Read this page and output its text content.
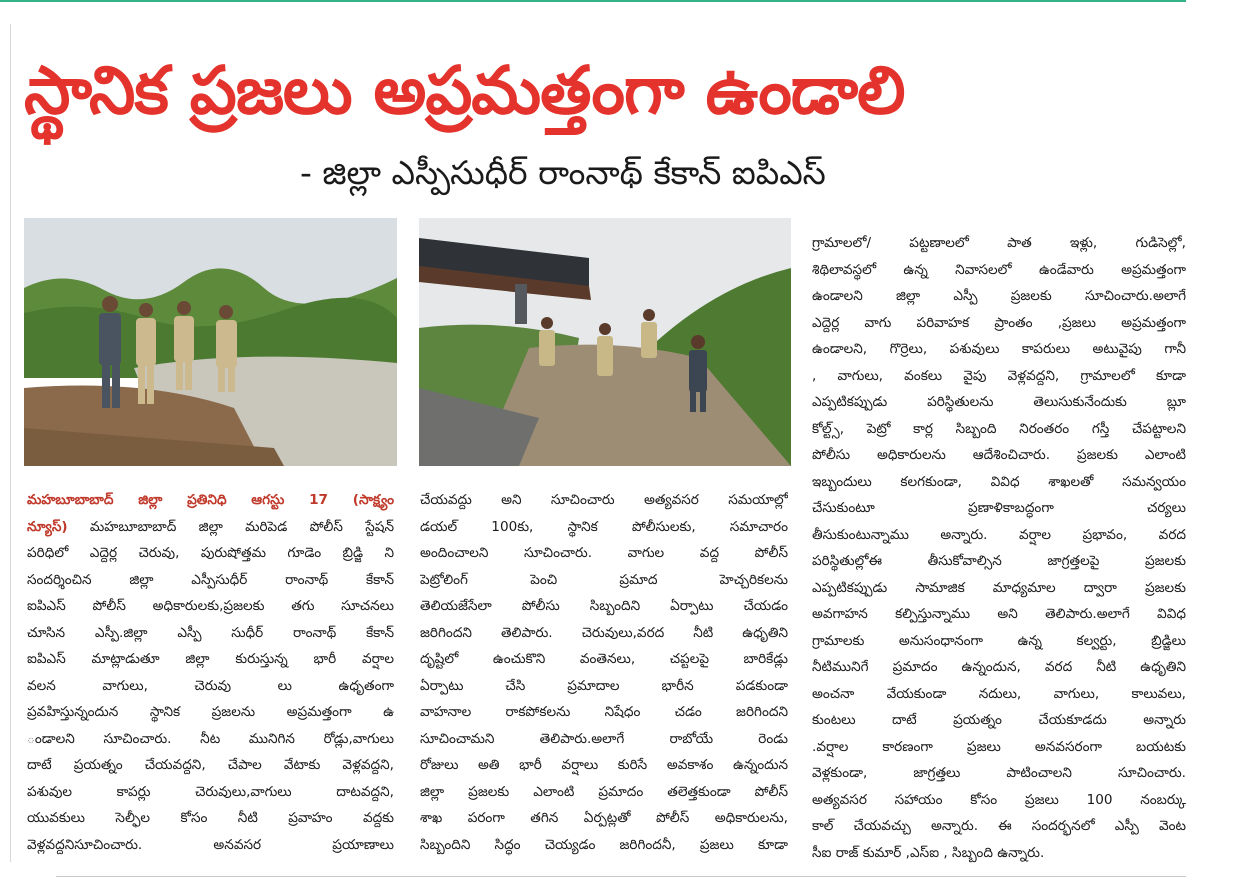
స్థానిక ప్రజలు అప్రమత్తంగా ఉండాలి
- జిల్లా ఎస్పీసుధీర్ రాంనాథ్ కేకాన్ ఐపిఎస్
మహబూబాబాద్ జిల్లా ప్రతినిధి ఆగస్టు 17 (సాక్ష్యం
న్యూస్) మహబూబాబాద్ జిల్లా మరిపెడ పోలీస్ స్టేషన్
పరిధిలో ఎద్దెర్ల చెరువు, పురుషోత్తమ గూడెం బ్రిడ్జి ని
సందర్శించిన జిల్లా ఎస్పీసుధీర్ రాంనాథ్ కేకాన్
ఐపిఎస్ పోలీస్ అధికారులకు,ప్రజలకు తగు సూచనలు
చూసిన ఎస్పీ.జిల్లా ఎస్పీ సుధీర్ రాంనాథ్ కేకాన్
ఐపిఎస్ మాట్లాడుతూ జిల్లా కురుస్తున్న భారీ వర్షాల
వలన వాగులు, చెరువు లు ఉధృతంగా
ప్రవహిస్తున్నందున స్థానిక ప్రజలను అప్రమత్తంగా ఉ
ండాలని సూచించారు. నీట మునిగిన రోడ్లు,వాగులు
దాటే ప్రయత్నం చేయవద్దని, చేపాల వేటాకు వెళ్లవద్దని,
పశువుల కాపర్లు చెరువులు,వాగులు దాటవద్దని,
యువకులు సెల్ఫీల కోసం నీటి ప్రవాహం వద్దకు
వెళ్లవద్దనిసూచించారు. అనవసర ప్రయాణాలు
చేయవద్దు అని సూచించారు అత్యవసర సమయాల్లో
డయల్ 100కు, స్థానిక పోలీసులకు, సమాచారం
అందించాలని సూచించారు. వాగుల వద్ద పోలీస్
పెట్రోలింగ్ పెంచి ప్రమాద హెచ్చరికలను
తెలియజేసేలా పోలీసు సిబ్బందిని ఏర్పాటు చేయడం
జరిగిందని తెలిపారు. చెరువులు,వరద నీటి ఉధృతిని
దృష్టిలో ఉంచుకొని వంతెనలు, చప్టలపై బారికేడ్లు
ఏర్పాటు చేసి ప్రమాదాల భారీన పడకుండా
వాహనాల రాకపోకలను నిషేధం చడం జరిగిందని
సూచించామని తెలిపారు.అలాగే రాబోయే రెండు
రోజులు అతి భారీ వర్షాలు కురిసే అవకాశం ఉన్నందున
జిల్లా ప్రజలకు ఎలాంటి ప్రమాదం తలెత్తకుండా పోలీస్
శాఖ పరంగా తగిన ఏర్పట్లతో పోలీస్ అధికారులను,
సిబ్బందిని సిద్ధం చెయ్యడం జరిగిందనీ, ప్రజలు కూడా
గ్రామాలలో/ పట్టణాలలో పాత ఇళ్లు, గుడిసెల్లో,
శిథిలావస్థలో ఉన్న నివాసలలో ఉండేవారు అప్రమత్తంగా
ఉండాలని జిల్లా ఎస్పీ ప్రజలకు సూచించారు.అలాగే
ఎద్దెర్ల వాగు పరివాహక ప్రాంతం ,ప్రజలు అప్రమత్తంగా
ఉండాలని, గొర్రెలు, పశువులు కాపరులు అటువైపు గానీ
, వాగులు, వంకలు వైపు వెళ్లవద్దని, గ్రామాలలో కూడా
ఎప్పటికప్పుడు పరిస్థితులను తెలుసుకునేందుకు బ్లూ
కోల్ట్స్, పెట్రో కార్ల సిబ్బంది నిరంతరం గస్తీ చేపట్టాలని
పోలీసు అధికారులను ఆదేశించిచారు. ప్రజలకు ఎలాంటి
ఇబ్బందులు కలగకుండా, వివిధ శాఖలతో సమన్వయం
చేసుకుంటూ ప్రణాళికాబద్ధంగా చర్యలు
తీసుకుంటున్నాము అన్నారు. వర్షాల ప్రభావం, వరద
పరిస్థితుల్లోఈ తీసుకోవాల్సిన జాగ్రత్తలపై ప్రజలకు
ఎప్పటికప్పుడు సామాజిక మాధ్యమాల ద్వారా ప్రజలకు
అవగాహన కల్పిస్తున్నాము అని తెలిపారు.అలాగే వివిధ
గ్రామాలకు అనుసంధానంగా ఉన్న కల్వర్టు, బ్రిడ్జిలు
నీటిమునిగే ప్రమాదం ఉన్నందున, వరద నీటి ఉధృతిని
అంచనా వేయకుండా నదులు, వాగులు, కాలువలు,
కుంటలు దాటే ప్రయత్నం చేయకూడదు అన్నారు
.వర్షాల కారణంగా ప్రజలు అనవసరంగా బయటకు
వెళ్లకుండా, జాగ్రత్తలు పాటించాలని సూచించారు.
అత్యవసర సహాయం కోసం ప్రజలు 100 నంబర్కు
కాల్ చేయవచ్చు అన్నారు. ఈ సందర్భనలో ఎస్పీ వెంట
సీఐ రాజ్ కుమార్ ,ఎస్ఐ , సిబ్బంది ఉన్నారు.
